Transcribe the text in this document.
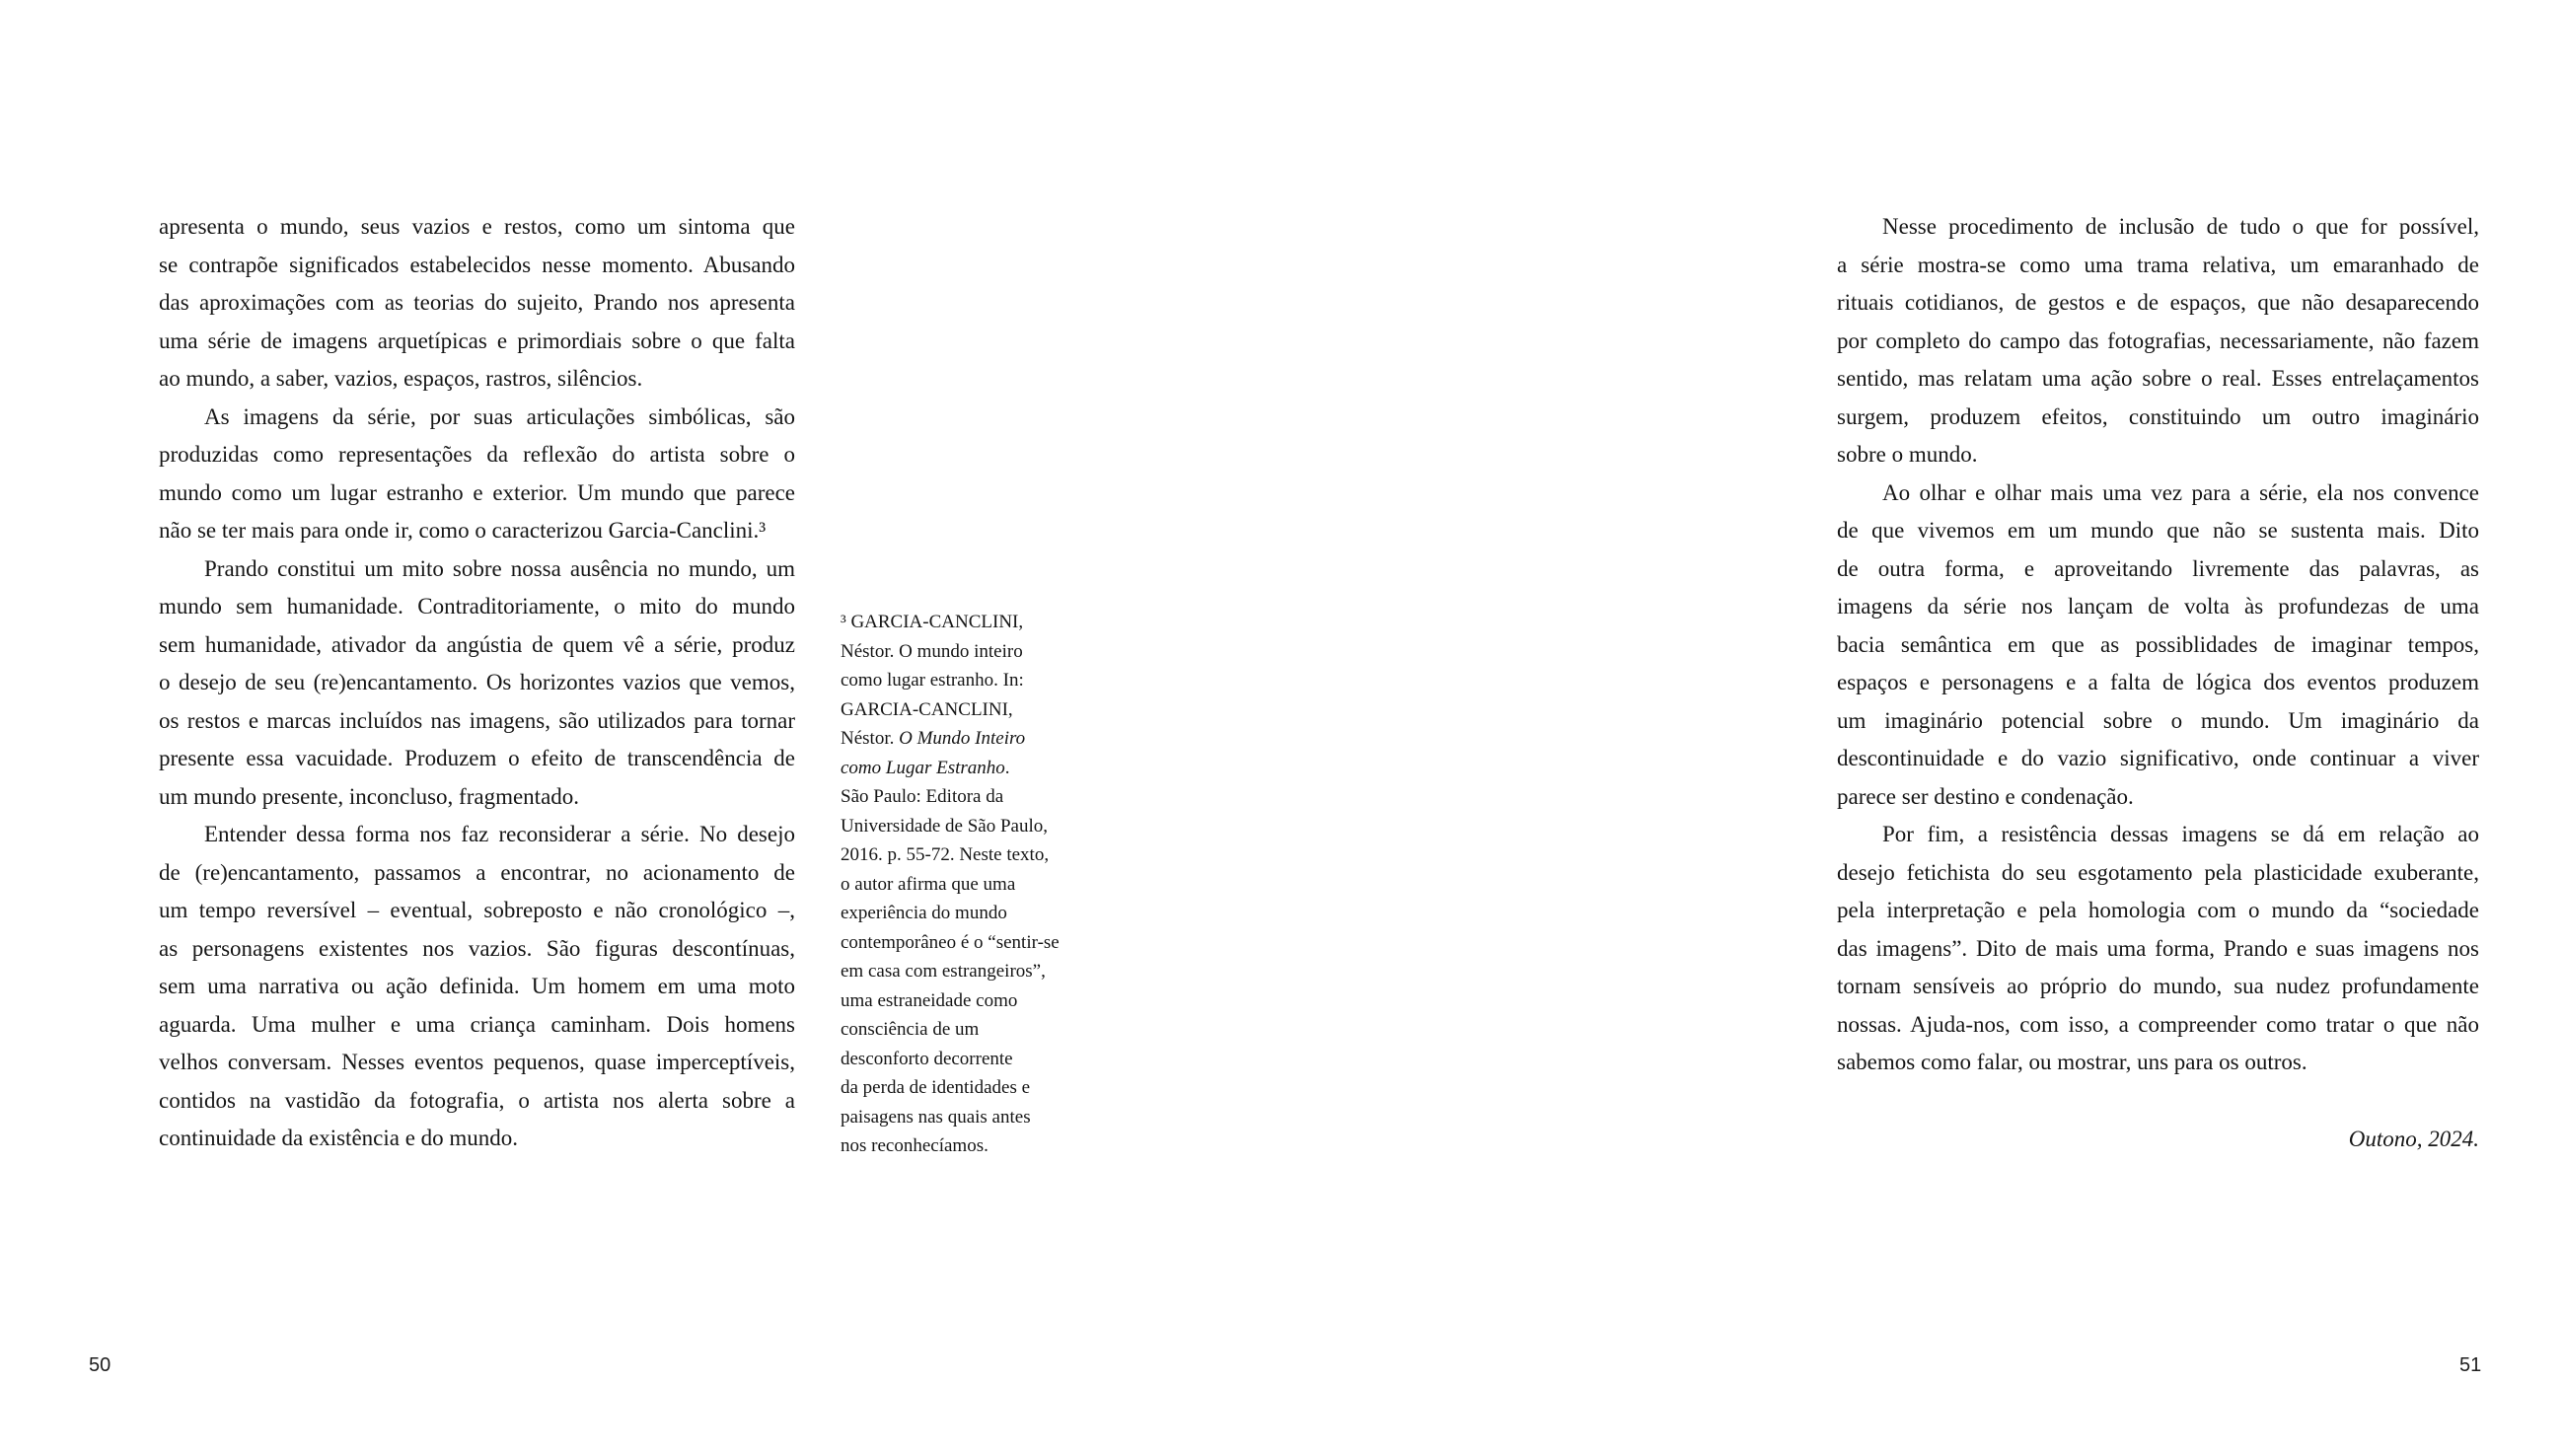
apresenta o mundo, seus vazios e restos, como um sintoma que
se contrapõe significados estabelecidos nesse momento. Abusando
das aproximações com as teorias do sujeito, Prando nos apresenta
uma série de imagens arquetípicas e primordiais sobre o que falta
ao mundo, a saber, vazios, espaços, rastros, silêncios.
As imagens da série, por suas articulações simbólicas, são
produzidas como representações da reflexão do artista sobre o
mundo como um lugar estranho e exterior. Um mundo que parece
não se ter mais para onde ir, como o caracterizou Garcia-Canclini.³
Prando constitui um mito sobre nossa ausência no mundo, um
mundo sem humanidade. Contraditoriamente, o mito do mundo
sem humanidade, ativador da angústia de quem vê a série, produz
o desejo de seu (re)encantamento. Os horizontes vazios que vemos,
os restos e marcas incluídos nas imagens, são utilizados para tornar
presente essa vacuidade. Produzem o efeito de transcendência de
um mundo presente, inconcluso, fragmentado.
Entender dessa forma nos faz reconsiderar a série. No desejo
de (re)encantamento, passamos a encontrar, no acionamento de
um tempo reversível – eventual, sobreposto e não cronológico –,
as personagens existentes nos vazios. São figuras descontínuas,
sem uma narrativa ou ação definida. Um homem em uma moto
aguarda. Uma mulher e uma criança caminham. Dois homens
velhos conversam. Nesses eventos pequenos, quase imperceptíveis,
contidos na vastidão da fotografia, o artista nos alerta sobre a
continuidade da existência e do mundo.
³ GARCIA-CANCLINI,
Néstor. O mundo inteiro
como lugar estranho. In:
GARCIA-CANCLINI,
Néstor. O Mundo Inteiro
como Lugar Estranho.
São Paulo: Editora da
Universidade de São Paulo,
2016. p. 55-72. Neste texto,
o autor afirma que uma
experiência do mundo
contemporâneo é o “sentir-se
em casa com estrangeiros”,
uma estraneidade como
consciência de um
desconforto decorrente
da perda de identidades e
paisagens nas quais antes
nos reconhecíamos.
Nesse procedimento de inclusão de tudo o que for possível,
a série mostra-se como uma trama relativa, um emaranhado de
rituais cotidianos, de gestos e de espaços, que não desaparecendo
por completo do campo das fotografias, necessariamente, não fazem
sentido, mas relatam uma ação sobre o real. Esses entrelaçamentos
surgem, produzem efeitos, constituindo um outro imaginário
sobre o mundo.
Ao olhar e olhar mais uma vez para a série, ela nos convence
de que vivemos em um mundo que não se sustenta mais. Dito
de outra forma, e aproveitando livremente das palavras, as
imagens da série nos lançam de volta às profundezas de uma
bacia semântica em que as possiblidades de imaginar tempos,
espaços e personagens e a falta de lógica dos eventos produzem
um imaginário potencial sobre o mundo. Um imaginário da
descontinuidade e do vazio significativo, onde continuar a viver
parece ser destino e condenação.
Por fim, a resistência dessas imagens se dá em relação ao
desejo fetichista do seu esgotamento pela plasticidade exuberante,
pela interpretação e pela homologia com o mundo da “sociedade
das imagens”. Dito de mais uma forma, Prando e suas imagens nos
tornam sensíveis ao próprio do mundo, sua nudez profundamente
nossas. Ajuda-nos, com isso, a compreender como tratar o que não
sabemos como falar, ou mostrar, uns para os outros.
Outono, 2024.
50	51
